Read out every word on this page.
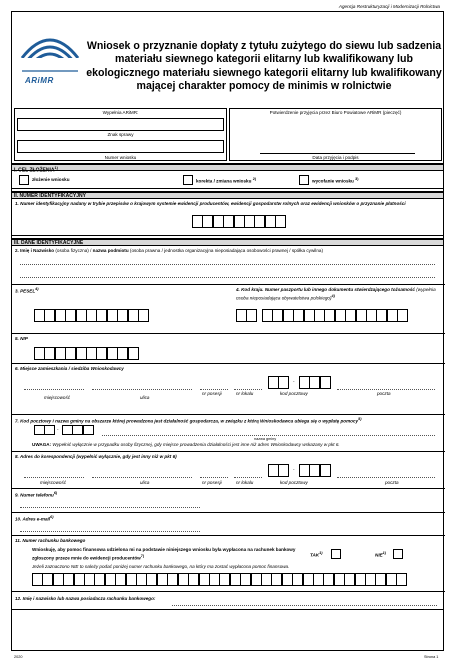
Agencja Restrukturyzacji i Modernizacji Rolnictwa
ARiMR
Wniosek o przyznanie dopłaty z tytułu zużytego do siewu lub sadzenia materiału siewnego kategorii elitarny lub kwalifikowany lub ekologicznego materiału siewnego kategorii elitarny lub kwalifikowany mającej charakter pomocy de minimis w rolnictwie
Wypełnia ARiMR:
Znak sprawy
Numer wniosku
Potwierdzenie przyjęcia przez Biuro Powiatowe ARiMR (pieczęć)
Data przyjęcia i podpis
I. CEL ZŁOŻENIA$^{1)}$
złożenie wniosku	korekta / zmiana wniosku $^{2)}$	wycofanie wniosku $^{3)}$
II. NUMER IDENTYFIKACYJNY
1. Numer identyfikacyjny nadany w trybie przepisów o krajowym systemie ewidencji producentów, ewidencji gospodarstw rolnych oraz ewidencji wniosków o przyznanie płatności
III. DANE IDENTYFIKACYJNE
2. Imię i Nazwisko (osoba fizyczna) / nazwa podmiotu (osoba prawna / jednostka organizacyjna nieposiadająca osobowości prawnej / spółka cywilna)
3. PESEL$^{4)}$	4. Kod kraju. Numer paszportu lub innego dokumentu stwierdzającego tożsamość (wypełnia osoba nieposiadająca obywatelstwa polskiego)$^{4)}$
5. NIP
6. Miejsce zamieszkania / siedziba Wnioskodawcy
-
miejscowość	ulica
nr posesji	nr lokalu	kod pocztowy	poczta
7. Kod pocztowy i nazwa gminy na obszarze której prowadzona jest działalność gospodarcza, w związku z którą Wnioskodawca ubiega się o wypłatę pomocy$^{5)}$
-
nazwa gminy
UWAGA: Wypełnić wyłącznie w przypadku osoby fizycznej, gdy miejsce prowadzenia działalności jest inne niż adres Wnioskodawcy wskazany w pkt 6.
8. Adres do korespondencji (wypełnić wyłącznie, gdy jest inny niż w pkt 6)
-
miejscowość	ulica	nr posesji	nr lokalu	kod pocztowy	poczta
9. Numer telefonu$^{6)}$
10. Adres e-mail$^{6)}$
11. Numer rachunku bankowego
Wnioskuję, aby pomoc finansowa udzielona mi na podstawie niniejszego wniosku była wypłacona na rachunek bankowy zgłoszony przeze mnie do ewidencji producentów$^{7)}$	TAK$^{1)}$	NIE$^{1)}$
Jeżeli zaznaczono NIE to należy podać poniżej numer rachunku bankowego, na który ma zostać wypłacona pomoc finansowa.
12. Imię i nazwisko lub nazwa posiadacza rachunku bankowego:
2020	Strona 1
